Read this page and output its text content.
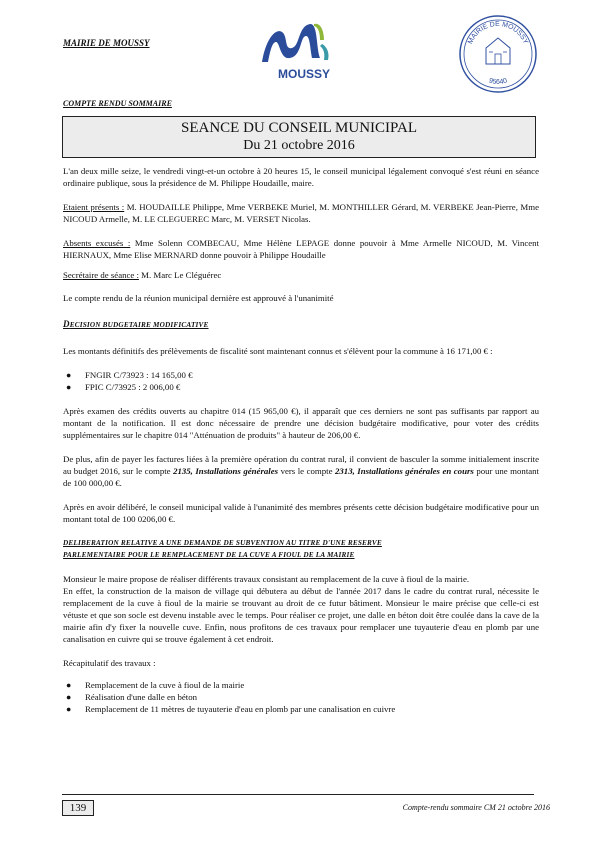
MAIRIE DE MOUSSY
MOUSSY
MAIRIE DE MOUSSY
95640
COMPTE RENDU SOMMAIRE
SEANCE DU CONSEIL MUNICIPAL
Du 21 octobre 2016

L'an deux mille seize, le vendredi vingt-et-un octobre à 20 heures 15, le conseil municipal légalement convoqué s'est réuni en séance ordinaire publique, sous la présidence de M. Philippe Houdaille, maire.

Etaient présents : M. HOUDAILLE Philippe, Mme VERBEKE Muriel, M. MONTHILLER Gérard, M. VERBEKE Jean-Pierre, Mme NICOUD Armelle, M. LE CLEGUEREC Marc, M. VERSET Nicolas.

Absents excusés : Mme Solenn COMBECAU, Mme Hélène LEPAGE donne pouvoir à Mme Armelle NICOUD, M. Vincent HIERNAUX, Mme Elise MERNARD donne pouvoir à Philippe Houdaille

Secrétaire de séance : M. Marc Le Cléguérec

Le compte rendu de la réunion municipal dernière est approuvé à l'unanimité

DECISION BUDGETAIRE MODIFICATIVE

Les montants définitifs des prélèvements de fiscalité sont maintenant connus et s'élèvent pour la commune à 16 171,00 € :

● FNGIR C/73923 : 14 165,00 €
● FPIC C/73925 : 2 006,00 €

Après examen des crédits ouverts au chapitre 014 (15 965,00 €), il apparaît que ces derniers ne sont pas suffisants par rapport au montant de la notification. Il est donc nécessaire de prendre une décision budgétaire modificative, pour voter des crédits supplémentaires sur le chapitre 014 "Atténuation de produits" à hauteur de 206,00 €.

De plus, afin de payer les factures liées à la première opération du contrat rural, il convient de basculer la somme initialement inscrite au budget 2016, sur le compte 2135, Installations générales vers le compte 2313, Installations générales en cours pour une montant de 100 000,00 €.

Après en avoir délibéré, le conseil municipal valide à l'unanimité des membres présents cette décision budgétaire modificative pour un montant total de 100 0206,00 €.

DELIBERATION RELATIVE A UNE DEMANDE DE SUBVENTION AU TITRE D'UNE RESERVE
PARLEMENTAIRE POUR LE REMPLACEMENT DE LA CUVE A FIOUL DE LA MAIRIE

Monsieur le maire propose de réaliser différents travaux consistant au remplacement de la cuve à fioul de la mairie.

En effet, la construction de la maison de village qui débutera au début de l'année 2017 dans le cadre du contrat rural, nécessite le remplacement de la cuve à fioul de la mairie se trouvant au droit de ce futur bâtiment. Monsieur le maire précise que celle-ci est vétuste et que son socle est devenu instable avec le temps. Pour réaliser ce projet, une dalle en béton doit être coulée dans la cave de la mairie afin d'y fixer la nouvelle cuve. Enfin, nous profitons de ces travaux pour remplacer une tuyauterie d'eau en plomb par une canalisation en cuivre qui se trouve également à cet endroit.

Récapitulatif des travaux :

● Remplacement de la cuve à fioul de la mairie
● Réalisation d'une dalle en béton
● Remplacement de 11 mètres de tuyauterie d'eau en plomb par une canalisation en cuivre
139	Compte-rendu sommaire CM 21 octobre 2016
